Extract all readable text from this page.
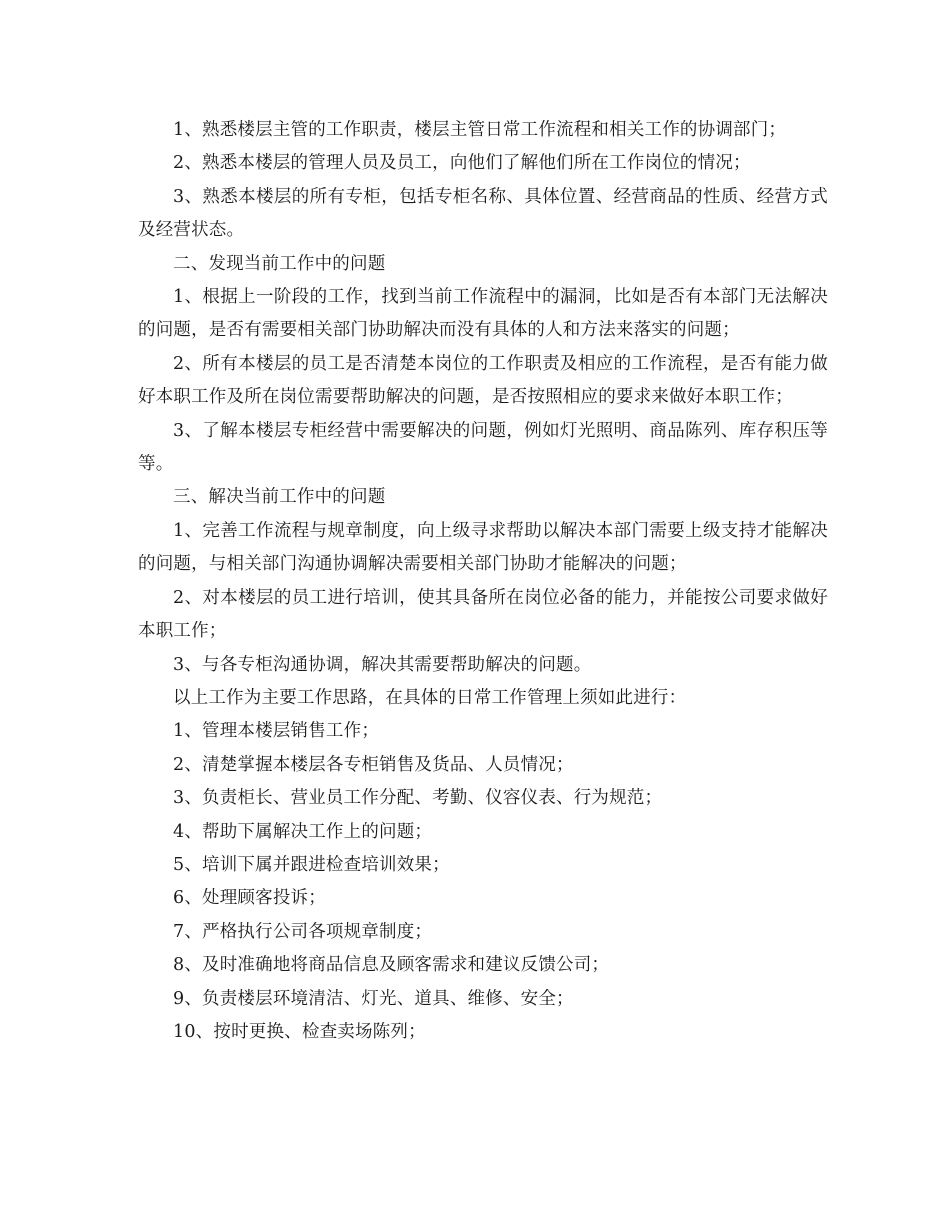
1、熟悉楼层主管的工作职责，楼层主管日常工作流程和相关工作的协调部门；

2、熟悉本楼层的管理人员及员工，向他们了解他们所在工作岗位的情况；

3、熟悉本楼层的所有专柜，包括专柜名称、具体位置、经营商品的性质、经营方式及经营状态。

二、发现当前工作中的问题

1、根据上一阶段的工作，找到当前工作流程中的漏洞，比如是否有本部门无法解决的问题，是否有需要相关部门协助解决而没有具体的人和方法来落实的问题；

2、所有本楼层的员工是否清楚本岗位的工作职责及相应的工作流程，是否有能力做好本职工作及所在岗位需要帮助解决的问题，是否按照相应的要求来做好本职工作；

3、了解本楼层专柜经营中需要解决的问题，例如灯光照明、商品陈列、库存积压等等。

三、解决当前工作中的问题

1、完善工作流程与规章制度，向上级寻求帮助以解决本部门需要上级支持才能解决的问题，与相关部门沟通协调解决需要相关部门协助才能解决的问题；

2、对本楼层的员工进行培训，使其具备所在岗位必备的能力，并能按公司要求做好本职工作；

3、与各专柜沟通协调，解决其需要帮助解决的问题。

以上工作为主要工作思路，在具体的日常工作管理上须如此进行：

1、管理本楼层销售工作；

2、清楚掌握本楼层各专柜销售及货品、人员情况；

3、负责柜长、营业员工作分配、考勤、仪容仪表、行为规范；

4、帮助下属解决工作上的问题；

5、培训下属并跟进检查培训效果；

6、处理顾客投诉；

7、严格执行公司各项规章制度；

8、及时准确地将商品信息及顾客需求和建议反馈公司；

9、负责楼层环境清洁、灯光、道具、维修、安全；

10、按时更换、检查卖场陈列；
